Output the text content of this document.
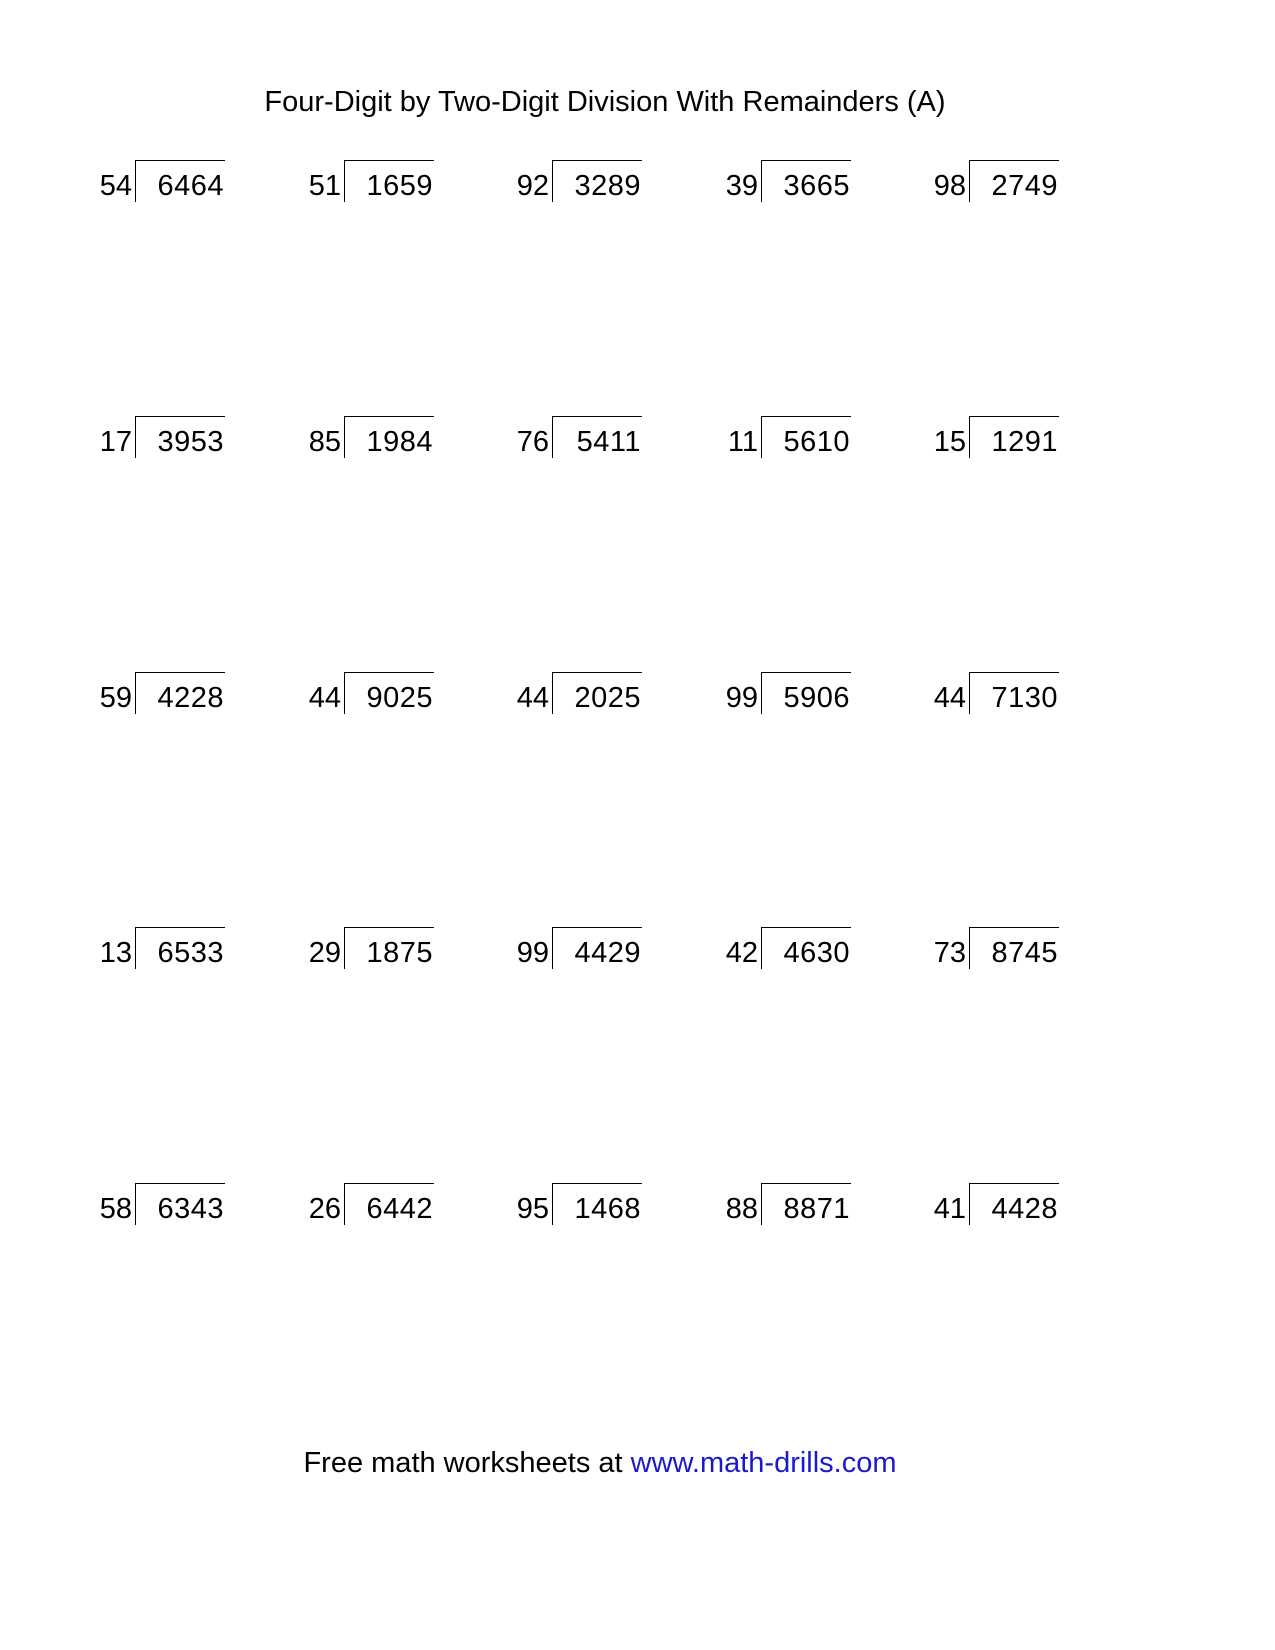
Four-Digit by Two-Digit Division With Remainders (A)
54 6464	51 1659	92 3289	39 3665	98 2749
17 3953	85 1984	76 5411	11 5610	15 1291
59 4228	44 9025	44 2025	99 5906	44 7130
13 6533	29 1875	99 4429	42 4630	73 8745
58 6343	26 6442	95 1468	88 8871	41 4428
Free math worksheets at www.math-drills.com
